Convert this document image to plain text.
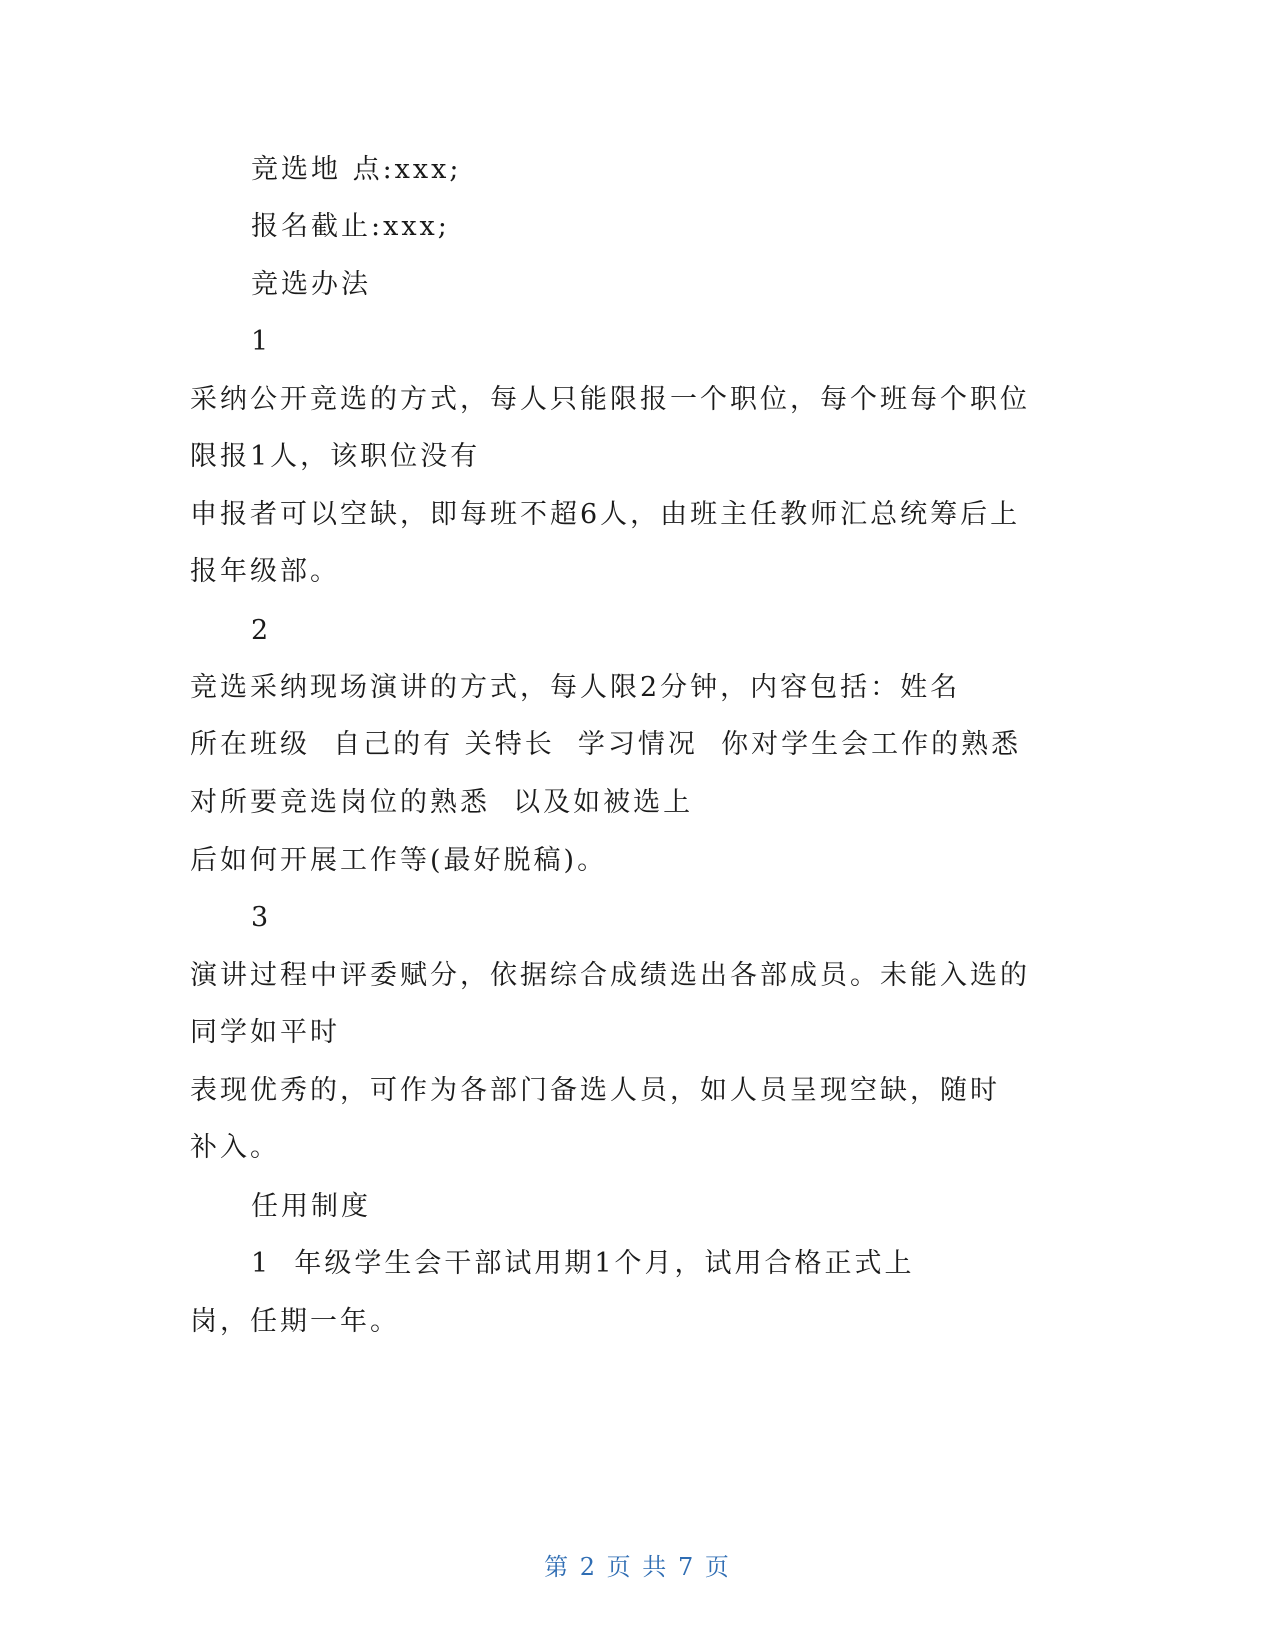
竞选地 点:xxx;
报名截止:xxx;
竞选办法
1
采纳公开竞选的方式，每人只能限报一个职位，每个班每个职位
限报1人，该职位没有
申报者可以空缺，即每班不超6人，由班主任教师汇总统筹后上
报年级部。
2
竞选采纳现场演讲的方式，每人限2分钟，内容包括：姓名
所在班级  自己的有 关特长  学习情况  你对学生会工作的熟悉
对所要竞选岗位的熟悉  以及如被选上
后如何开展工作等(最好脱稿)。
3
演讲过程中评委赋分，依据综合成绩选出各部成员。未能入选的
同学如平时
表现优秀的，可作为各部门备选人员，如人员呈现空缺，随时
补入。
任用制度
1  年级学生会干部试用期1个月，试用合格正式上
岗，任期一年。
第 2 页 共 7 页
